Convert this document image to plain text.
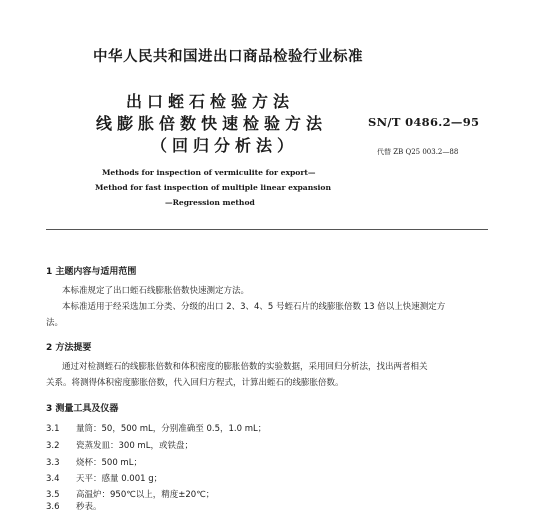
中华人民共和国进出口商品检验行业标准
出口蛭石检验方法
线膨胀倍数快速检验方法
（回归分析法）
SN/T 0486.2—95
代替 ZB Q25 003.2—88
Methods for inspection of vermiculite for export—
Method for fast inspection of multiple linear expansion
—Regression method
1 主题内容与适用范围
本标准规定了出口蛭石线膨胀倍数快速测定方法。
本标准适用于经采选加工分类、分级的出口 2、3、4、5 号蛭石片的线膨胀倍数 13 倍以上快速测定方
法。
2 方法提要
通过对检测蛭石的线膨胀倍数和体积密度的膨胀倍数的实验数据，采用回归分析法，找出两者相关
关系。将测得体积密度膨胀倍数，代入回归方程式，计算出蛭石的线膨胀倍数。
3 测量工具及仪器
3.1 量筒：50，500 mL，分别准确至 0.5，1.0 mL；
3.2 瓷蒸发皿：300 mL，或铁盘；
3.3 烧杯：500 mL；
3.4 天平：感量 0.001 g；
3.5 高温炉：950℃以上，精度±20℃；
3.6 秒表。
